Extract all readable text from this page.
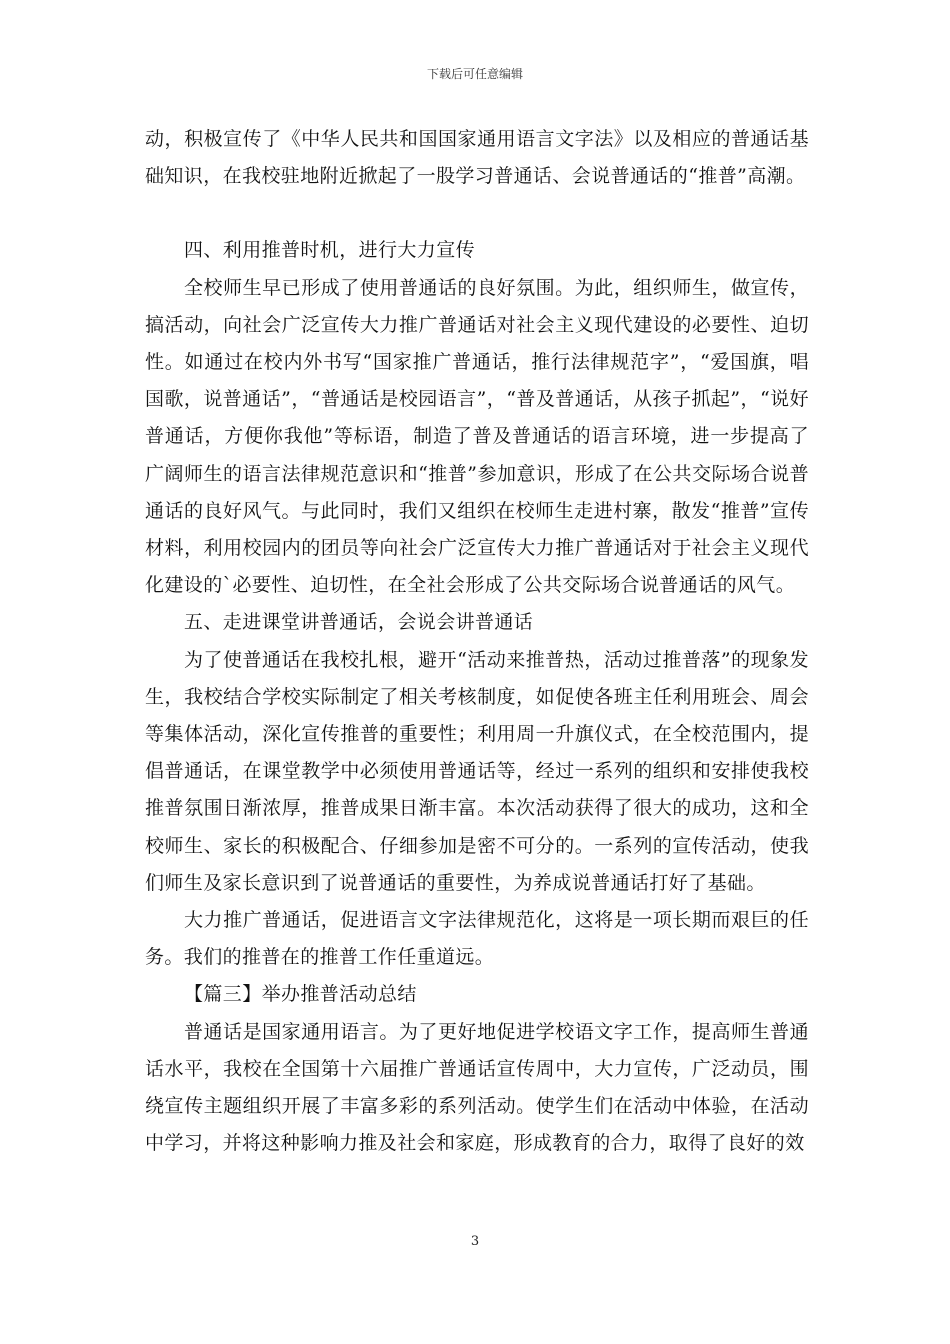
下载后可任意编辑

动，积极宣传了《中华人民共和国国家通用语言文字法》以及相应的普通话基础知识，在我校驻地附近掀起了一股学习普通话、会说普通话的“推普”高潮。

四、利用推普时机，进行大力宣传

全校师生早已形成了使用普通话的良好氛围。为此，组织师生，做宣传，搞活动，向社会广泛宣传大力推广普通话对社会主义现代建设的必要性、迫切性。如通过在校内外书写“国家推广普通话，推行法律规范字”，“爱国旗，唱国歌，说普通话”，“普通话是校园语言”，“普及普通话，从孩子抓起”，“说好普通话，方便你我他”等标语，制造了普及普通话的语言环境，进一步提高了广阔师生的语言法律规范意识和“推普”参加意识，形成了在公共交际场合说普通话的良好风气。与此同时，我们又组织在校师生走进村寨，散发“推普”宣传材料，利用校园内的团员等向社会广泛宣传大力推广普通话对于社会主义现代化建设的`必要性、迫切性，在全社会形成了公共交际场合说普通话的风气。

五、走进课堂讲普通话，会说会讲普通话

为了使普通话在我校扎根，避开“活动来推普热，活动过推普落”的现象发生，我校结合学校实际制定了相关考核制度，如促使各班主任利用班会、周会等集体活动，深化宣传推普的重要性；利用周一升旗仪式，在全校范围内，提倡普通话，在课堂教学中必须使用普通话等，经过一系列的组织和安排使我校推普氛围日渐浓厚，推普成果日渐丰富。本次活动获得了很大的成功，这和全校师生、家长的积极配合、仔细参加是密不可分的。一系列的宣传活动，使我们师生及家长意识到了说普通话的重要性，为养成说普通话打好了基础。

大力推广普通话，促进语言文字法律规范化，这将是一项长期而艰巨的任务。我们的推普在的推普工作任重道远。

【篇三】举办推普活动总结

普通话是国家通用语言。为了更好地促进学校语文字工作，提高师生普通话水平，我校在全国第十六届推广普通话宣传周中，大力宣传，广泛动员，围绕宣传主题组织开展了丰富多彩的系列活动。使学生们在活动中体验，在活动中学习，并将这种影响力推及社会和家庭，形成教育的合力，取得了良好的效

3
